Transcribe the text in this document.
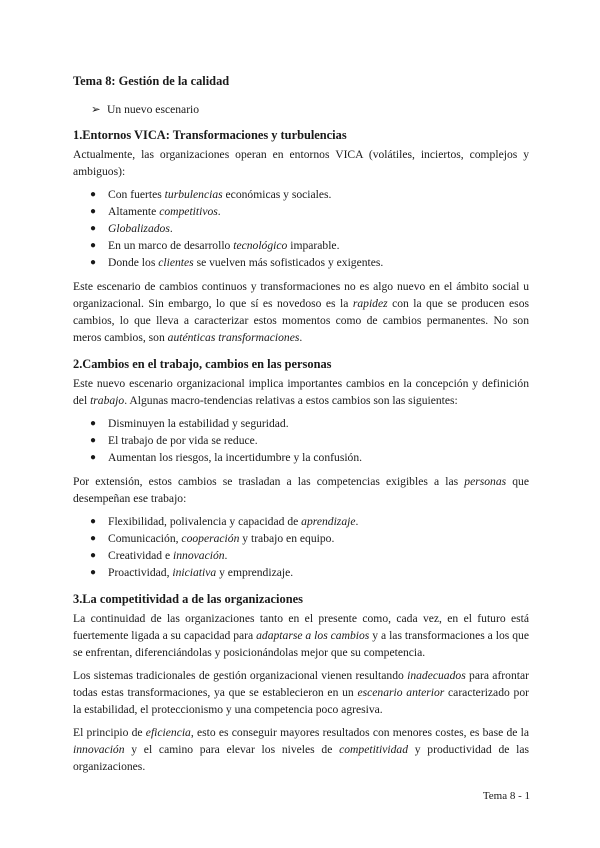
Tema 8: Gestión de la calidad
➢ Un nuevo escenario
1.Entornos VICA: Transformaciones y turbulencias

Actualmente, las organizaciones operan en entornos VICA (volátiles, inciertos, complejos y ambiguos):

● Con fuertes turbulencias económicas y sociales.
● Altamente competitivos.
● Globalizados.
● En un marco de desarrollo tecnológico imparable.
● Donde los clientes se vuelven más sofisticados y exigentes.

Este escenario de cambios continuos y transformaciones no es algo nuevo en el ámbito social u organizacional. Sin embargo, lo que sí es novedoso es la rapidez con la que se producen esos cambios, lo que lleva a caracterizar estos momentos como de cambios permanentes. No son meros cambios, son auténticas transformaciones.

2.Cambios en el trabajo, cambios en las personas

Este nuevo escenario organizacional implica importantes cambios en la concepción y definición del trabajo. Algunas macro-tendencias relativas a estos cambios son las siguientes:

● Disminuyen la estabilidad y seguridad.
● El trabajo de por vida se reduce.
● Aumentan los riesgos, la incertidumbre y la confusión.

Por extensión, estos cambios se trasladan a las competencias exigibles a las personas que desempeñan ese trabajo:

● Flexibilidad, polivalencia y capacidad de aprendizaje.
● Comunicación, cooperación y trabajo en equipo.
● Creatividad e innovación.
● Proactividad, iniciativa y emprendizaje.
3.La competitividad a de las organizaciones

La continuidad de las organizaciones tanto en el presente como, cada vez, en el futuro está fuertemente ligada a su capacidad para adaptarse a los cambios y a las transformaciones a los que se enfrentan, diferenciándolas y posicionándolas mejor que su competencia.

Los sistemas tradicionales de gestión organizacional vienen resultando inadecuados para afrontar todas estas transformaciones, ya que se establecieron en un escenario anterior caracterizado por la estabilidad, el proteccionismo y una competencia poco agresiva.

El principio de eficiencia, esto es conseguir mayores resultados con menores costes, es base de la innovación y el camino para elevar los niveles de competitividad y productividad de las organizaciones.

Tema 8 - 1
